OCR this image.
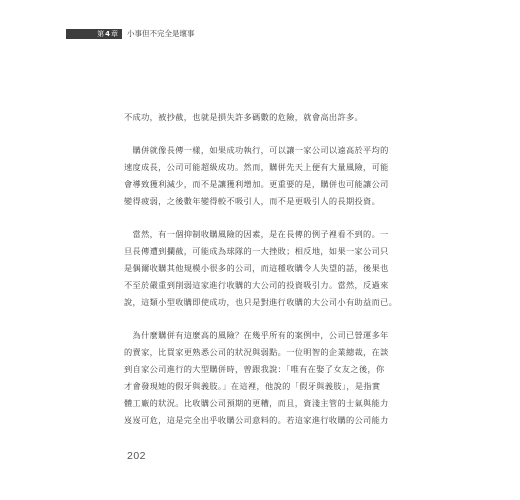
第 4 章 小事但不完全是壞事

不成功，被抄截，也就是損失許多碼數的危險，就會高出許多。

　購併就像長傳一樣，如果成功執行，可以讓一家公司以遠高於平均的
速度成長，公司可能超級成功。然而，購併先天上便有大量風險，可能
會導致獲利減少，而不是讓獲利增加。更重要的是，購併也可能讓公司
變得疲弱，之後數年變得較不吸引人，而不是更吸引人的長期投資。

　當然，有一個抑制收購風險的因素，是在長傳的例子裡看不到的。一
旦長傳遭到攔截，可能成為球隊的一大挫敗；相反地，如果一家公司只
是偶爾收購其他規模小很多的公司，而這種收購令人失望的話，後果也
不至於嚴重到削弱這家進行收購的大公司的投資吸引力。當然，反過來
說，這類小型收購即使成功，也只是對進行收購的大公司小有助益而已。

　為什麼購併有這麼高的風險？在幾乎所有的案例中，公司已營運多年
的賣家，比買家更熟悉公司的狀況與弱點。一位明智的企業總裁，在談
到自家公司進行的大型購併時，曾跟我說：「唯有在娶了女友之後，你
才會發現她的假牙與義肢。」在這裡，他說的「假牙與義肢」，是指實
體工廠的狀況。比收購公司預期的更糟，而且，資淺主管的士氣與能力
岌岌可危，這是完全出乎收購公司意料的。若這家進行收購的公司能力

202
